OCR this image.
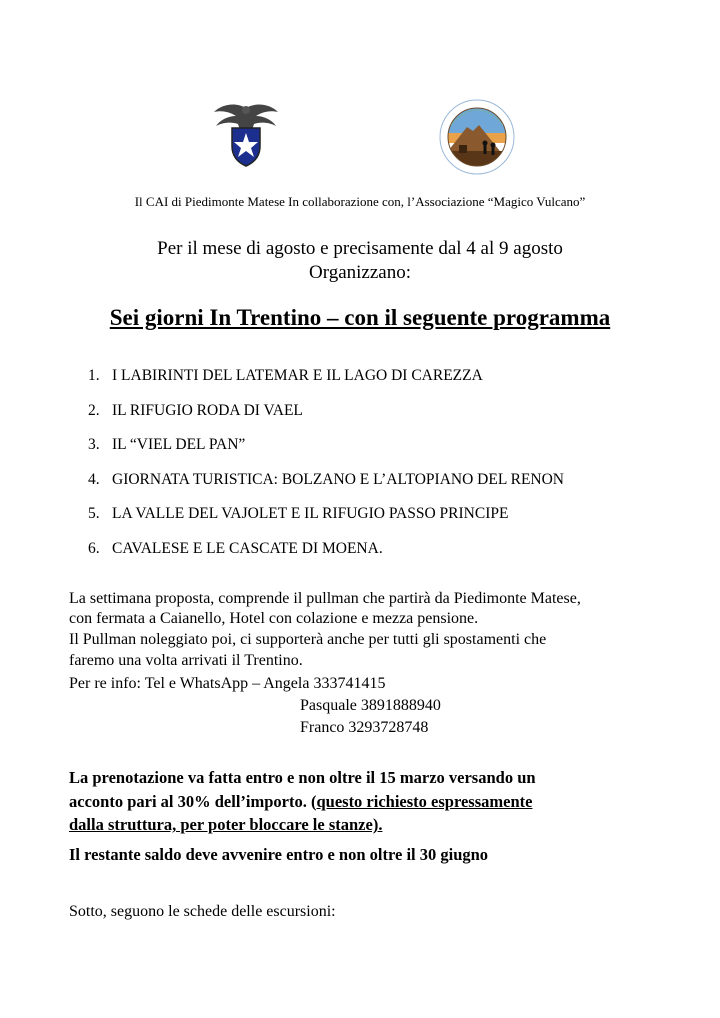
Il CAI di Piedimonte Matese In collaborazione con, l’Associazione “Magico Vulcano”
Per il mese di agosto e precisamente dal 4 al 9 agosto
Organizzano:
Sei giorni In Trentino – con il seguente programma
1. I LABIRINTI DEL LATEMAR E IL LAGO DI CAREZZA
2. IL RIFUGIO RODA DI VAEL
3. IL “VIEL DEL PAN”
4. GIORNATA TURISTICA: BOLZANO E L’ALTOPIANO DEL RENON
5. LA VALLE DEL VAJOLET E IL RIFUGIO PASSO PRINCIPE
6. CAVALESE E LE CASCATE DI MOENA.
La settimana proposta, comprende il pullman che partirà da Piedimonte Matese,
con fermata a Caianello, Hotel con colazione e mezza pensione.
Il Pullman noleggiato poi, ci supporterà anche per tutti gli spostamenti che
faremo una volta arrivati il Trentino.
Per re info: Tel e WhatsApp – Angela 333741415
Pasquale 3891888940
Franco 3293728748
La prenotazione va fatta entro e non oltre il 15 marzo versando un
acconto pari al 30% dell’importo. (questo richiesto espressamente
dalla struttura, per poter bloccare le stanze).
Il restante saldo deve avvenire entro e non oltre il 30 giugno
Sotto, seguono le schede delle escursioni:
